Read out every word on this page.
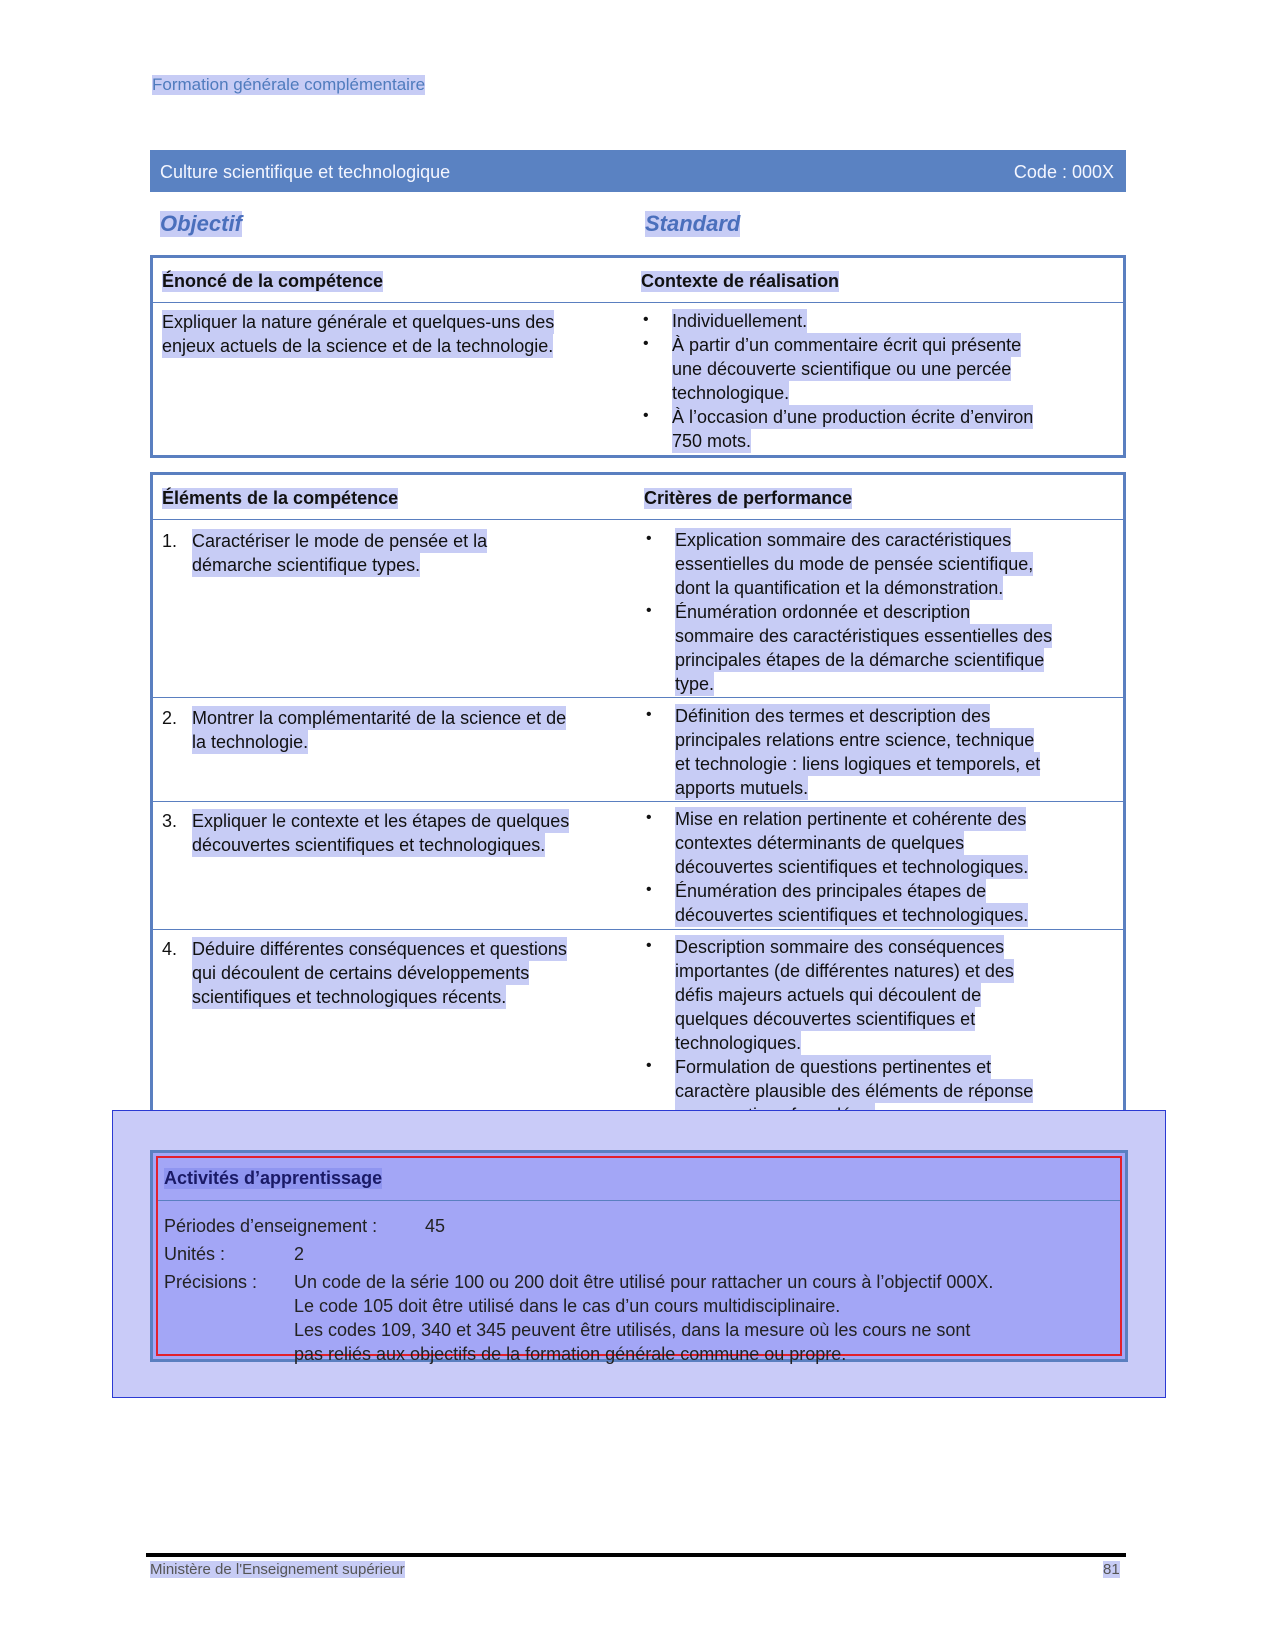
Formation générale complémentaire
Culture scientifique et technologique	Code : 000X
Objectif	Standard
Énoncé de la compétence	Contexte de réalisation
Expliquer la nature générale et quelques-uns des
enjeux actuels de la science et de la technologie.
• Individuellement.
• À partir d’un commentaire écrit qui présente
une découverte scientifique ou une percée
technologique.
• À l’occasion d’une production écrite d’environ
750 mots.
Éléments de la compétence	Critères de performance
1. Caractériser le mode de pensée et la
démarche scientifique types.
• Explication sommaire des caractéristiques
essentielles du mode de pensée scientifique,
dont la quantification et la démonstration.
• Énumération ordonnée et description
sommaire des caractéristiques essentielles des
principales étapes de la démarche scientifique
type.
2. Montrer la complémentarité de la science et de
la technologie.
• Définition des termes et description des
principales relations entre science, technique
et technologie : liens logiques et temporels, et
apports mutuels.
3. Expliquer le contexte et les étapes de quelques
découvertes scientifiques et technologiques.
• Mise en relation pertinente et cohérente des
contextes déterminants de quelques
découvertes scientifiques et technologiques.
• Énumération des principales étapes de
découvertes scientifiques et technologiques.
4. Déduire différentes conséquences et questions
qui découlent de certains développements
scientifiques et technologiques récents.
• Description sommaire des conséquences
importantes (de différentes natures) et des
défis majeurs actuels qui découlent de
quelques découvertes scientifiques et
technologiques.
• Formulation de questions pertinentes et
caractère plausible des éléments de réponse
Activités d’apprentissage
Périodes d’enseignement :	45
Unités :	2
Précisions : Un code de la série 100 ou 200 doit être utilisé pour rattacher un cours à l’objectif 000X.
Le code 105 doit être utilisé dans le cas d’un cours multidisciplinaire.
Les codes 109, 340 et 345 peuvent être utilisés, dans la mesure où les cours ne sont
pas reliés aux objectifs de la formation générale commune ou propre.
Ministère de l'Enseignement supérieur	81
